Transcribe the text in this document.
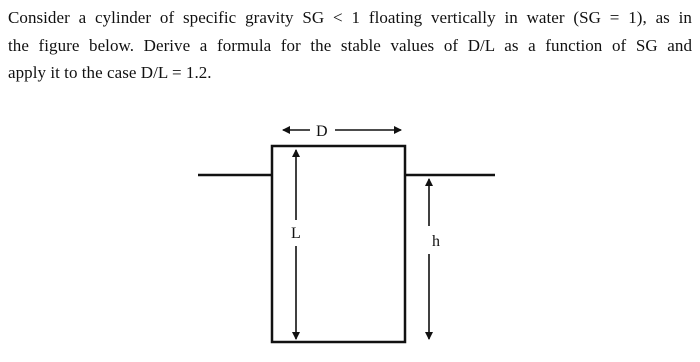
Consider a cylinder of specific gravity SG < 1 floating vertically in water (SG = 1), as in
the figure below. Derive a formula for the stable values of D/L as a function of SG and
apply it to the case D/L = 1.2.
D
L	h
